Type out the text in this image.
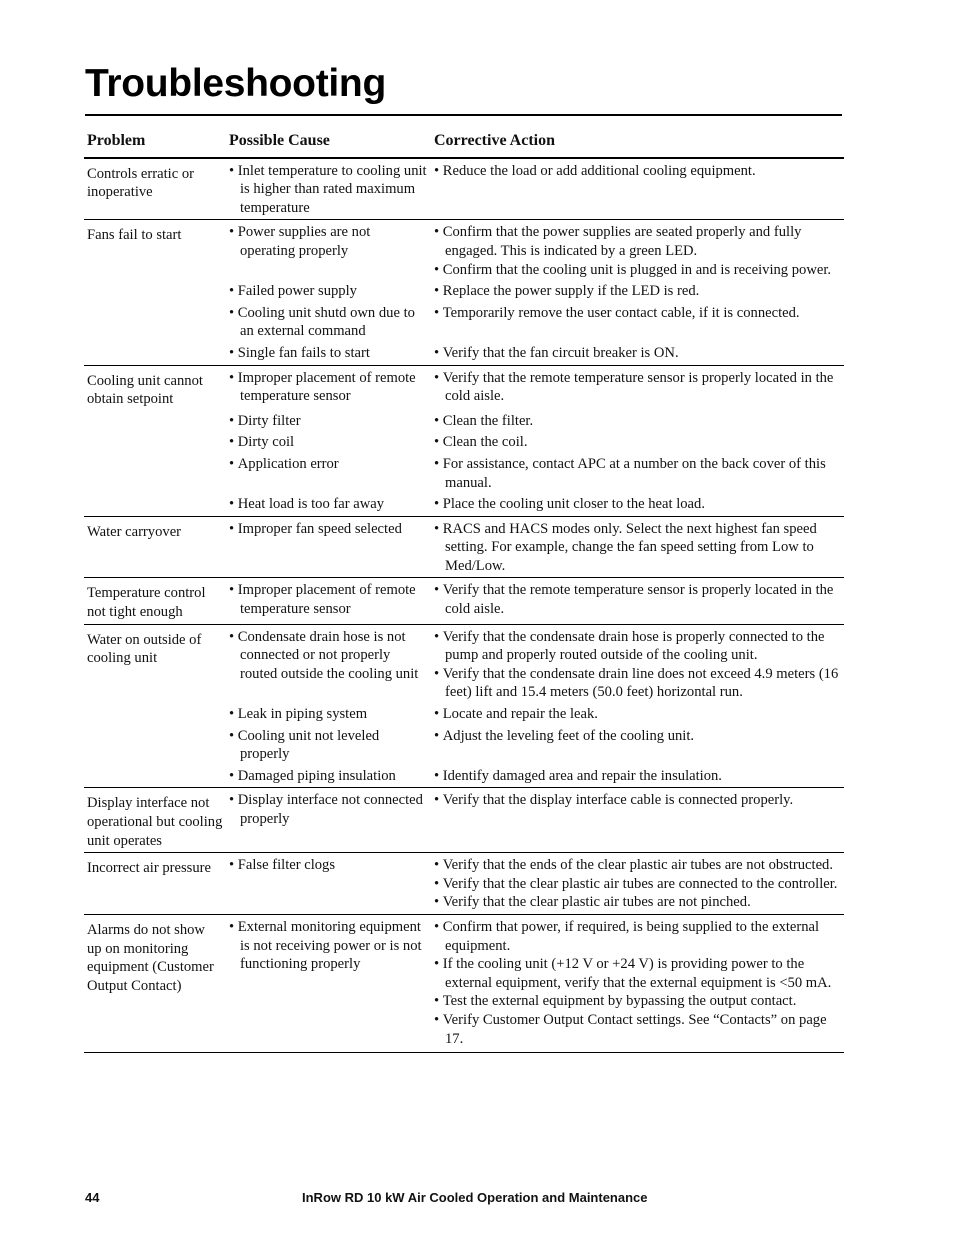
Troubleshooting
Problem	Possible Cause	Corrective Action

Controls erratic or inoperative	• Inlet temperature to cooling unit is higher than rated maximum temperature	• Reduce the load or add additional cooling equipment.

Fans fail to start	• Power supplies are not operating properly	• Confirm that the power supplies are seated properly and fully engaged. This is indicated by a green LED.
• Confirm that the cooling unit is plugged in and is receiving power.

	• Failed power supply	• Replace the power supply if the LED is red.

	• Cooling unit shutd own due to an external command	• Temporarily remove the user contact cable, if it is connected.

	• Single fan fails to start	• Verify that the fan circuit breaker is ON.

Cooling unit cannot obtain setpoint	• Improper placement of remote temperature sensor	• Verify that the remote temperature sensor is properly located in the cold aisle.

	• Dirty filter	• Clean the filter.

	• Dirty coil	• Clean the coil.

	• Application error	• For assistance, contact APC at a number on the back cover of this manual.

	• Heat load is too far away	• Place the cooling unit closer to the heat load.

Water carryover	• Improper fan speed selected	• RACS and HACS modes only. Select the next highest fan speed setting. For example, change the fan speed setting from Low to Med/Low.

Temperature control not tight enough	• Improper placement of remote temperature sensor	• Verify that the remote temperature sensor is properly located in the cold aisle.

Water on outside of cooling unit	• Condensate drain hose is not connected or not properly routed outside the cooling unit	• Verify that the condensate drain hose is properly connected to the pump and properly routed outside of the cooling unit.
• Verify that the condensate drain line does not exceed 4.9 meters (16 feet) lift and 15.4 meters (50.0 feet) horizontal run.

	• Leak in piping system	• Locate and repair the leak.

	• Cooling unit not leveled properly	• Adjust the leveling feet of the cooling unit.

	• Damaged piping insulation	• Identify damaged area and repair the insulation.

Display interface not operational but cooling unit operates	• Display interface not connected properly	• Verify that the display interface cable is connected properly.

Incorrect air pressure	• False filter clogs	• Verify that the ends of the clear plastic air tubes are not obstructed.
• Verify that the clear plastic air tubes are connected to the controller.
• Verify that the clear plastic air tubes are not pinched.

Alarms do not show up on monitoring equipment (Customer Output Contact)	• External monitoring equipment is not receiving power or is not functioning properly	• Confirm that power, if required, is being supplied to the external equipment.
• If the cooling unit (+12 V or +24 V) is providing power to the external equipment, verify that the external equipment is <50 mA.
• Test the external equipment by bypassing the output contact.
• Verify Customer Output Contact settings. See “Contacts” on page 17.
44	InRow RD 10 kW Air Cooled Operation and Maintenance
